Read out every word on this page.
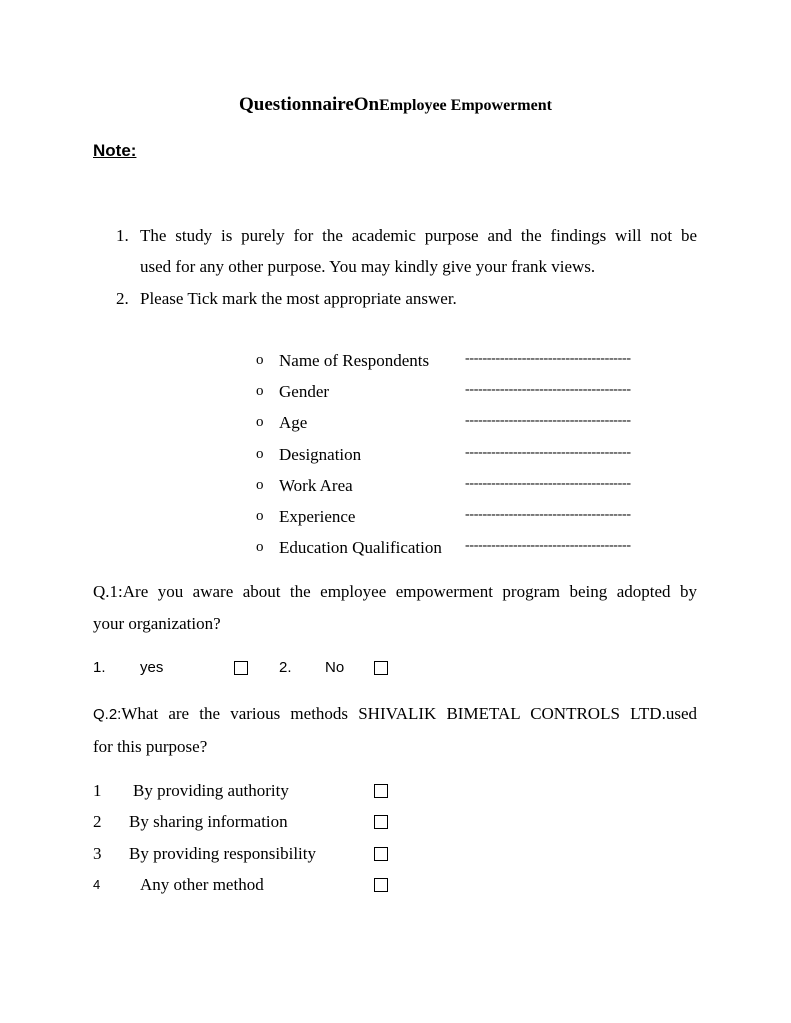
QuestionnaireOnEmployee Empowerment
Note:
1. The study is purely for the academic purpose and the findings will not be
used for any other purpose. You may kindly give your frank views.
2. Please Tick mark the most appropriate answer.
o Name of Respondents	--------------------------------------
o Gender	--------------------------------------
o Age	--------------------------------------
o Designation	--------------------------------------
o Work Area	--------------------------------------
o Experience	--------------------------------------
o Education Qualification --------------------------------------
Q.1:Are you aware about the employee empowerment program being adopted by
your organization?
1. yes	2. No
Q.2: What are the various methods SHIVALIK BIMETAL CONTROLS LTD.used
for this purpose?
1 By providing authority
2 By sharing information
3 By providing responsibility
4 Any other method
